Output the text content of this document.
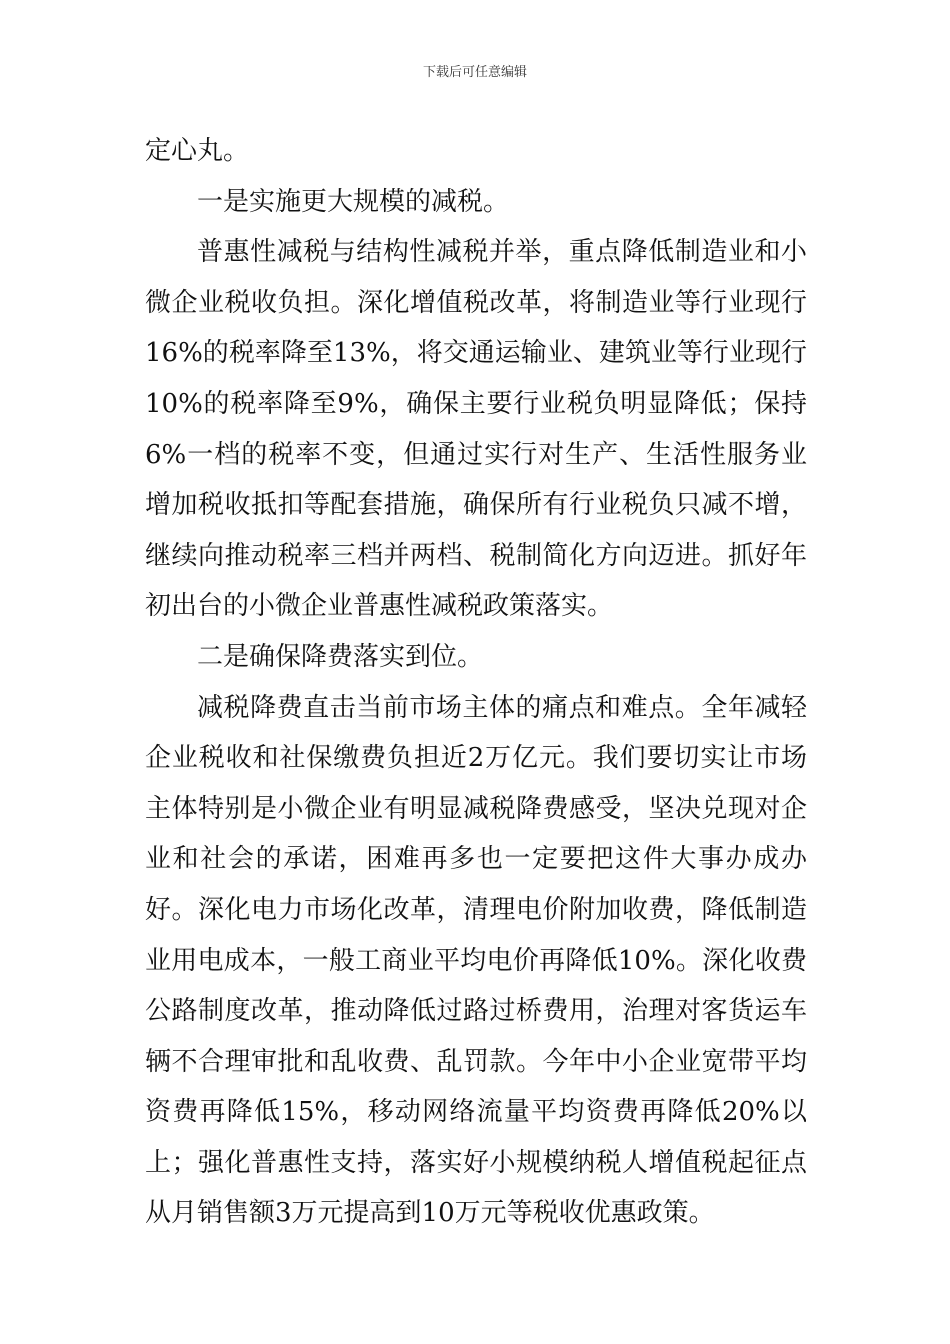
下载后可任意编辑

定心丸。

一是实施更大规模的减税。

普惠性减税与结构性减税并举，重点降低制造业和小微企业税收负担。深化增值税改革，将制造业等行业现行16%的税率降至13%，将交通运输业、建筑业等行业现行10%的税率降至9%，确保主要行业税负明显降低；保持6%一档的税率不变，但通过实行对生产、生活性服务业增加税收抵扣等配套措施，确保所有行业税负只减不增，继续向推动税率三档并两档、税制简化方向迈进。抓好年初出台的小微企业普惠性减税政策落实。

二是确保降费落实到位。

减税降费直击当前市场主体的痛点和难点。全年减轻企业税收和社保缴费负担近2万亿元。我们要切实让市场主体特别是小微企业有明显减税降费感受，坚决兑现对企业和社会的承诺，困难再多也一定要把这件大事办成办好。深化电力市场化改革，清理电价附加收费，降低制造业用电成本，一般工商业平均电价再降低10%。深化收费公路制度改革，推动降低过路过桥费用，治理对客货运车辆不合理审批和乱收费、乱罚款。今年中小企业宽带平均资费再降低15%，移动网络流量平均资费再降低20%以上；强化普惠性支持，落实好小规模纳税人增值税起征点从月销售额3万元提高到10万元等税收优惠政策。
